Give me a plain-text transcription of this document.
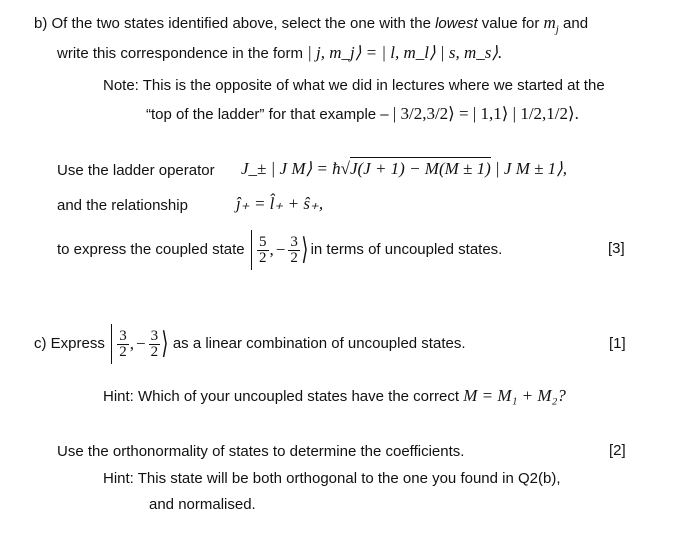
b) Of the two states identified above, select the one with the lowest value for $m_j$ and
write this correspondence in the form | j, m_j⟩ = | l, m_l⟩ | s, m_s⟩.
Note: This is the opposite of what we did in lectures where we started at the
“top of the ladder” for that example – | 3/2,3/2⟩ = | 1,1⟩ | 1/2,1/2⟩.
Use the ladder operator J_± | J M⟩ = ħ√J(J + 1) − M(M ± 1) | J M ± 1⟩,
and the relationship	ĵ₊ = l̂₊ + ŝ₊,
to express the coupled state $\frac{5}{2}$ , − $\frac{3}{2}$ ⟩ in terms of uncoupled states.	[3]
c) Express $\frac{3}{2}$ , − $\frac{3}{2}$ ⟩ as a linear combination of uncoupled states.	[1]
Hint: Which of your uncoupled states have the correct M = M₁ + M₂?
Use the orthonormality of states to determine the coefficients.	[2]
Hint: This state will be both orthogonal to the one you found in Q2(b),
and normalised.
